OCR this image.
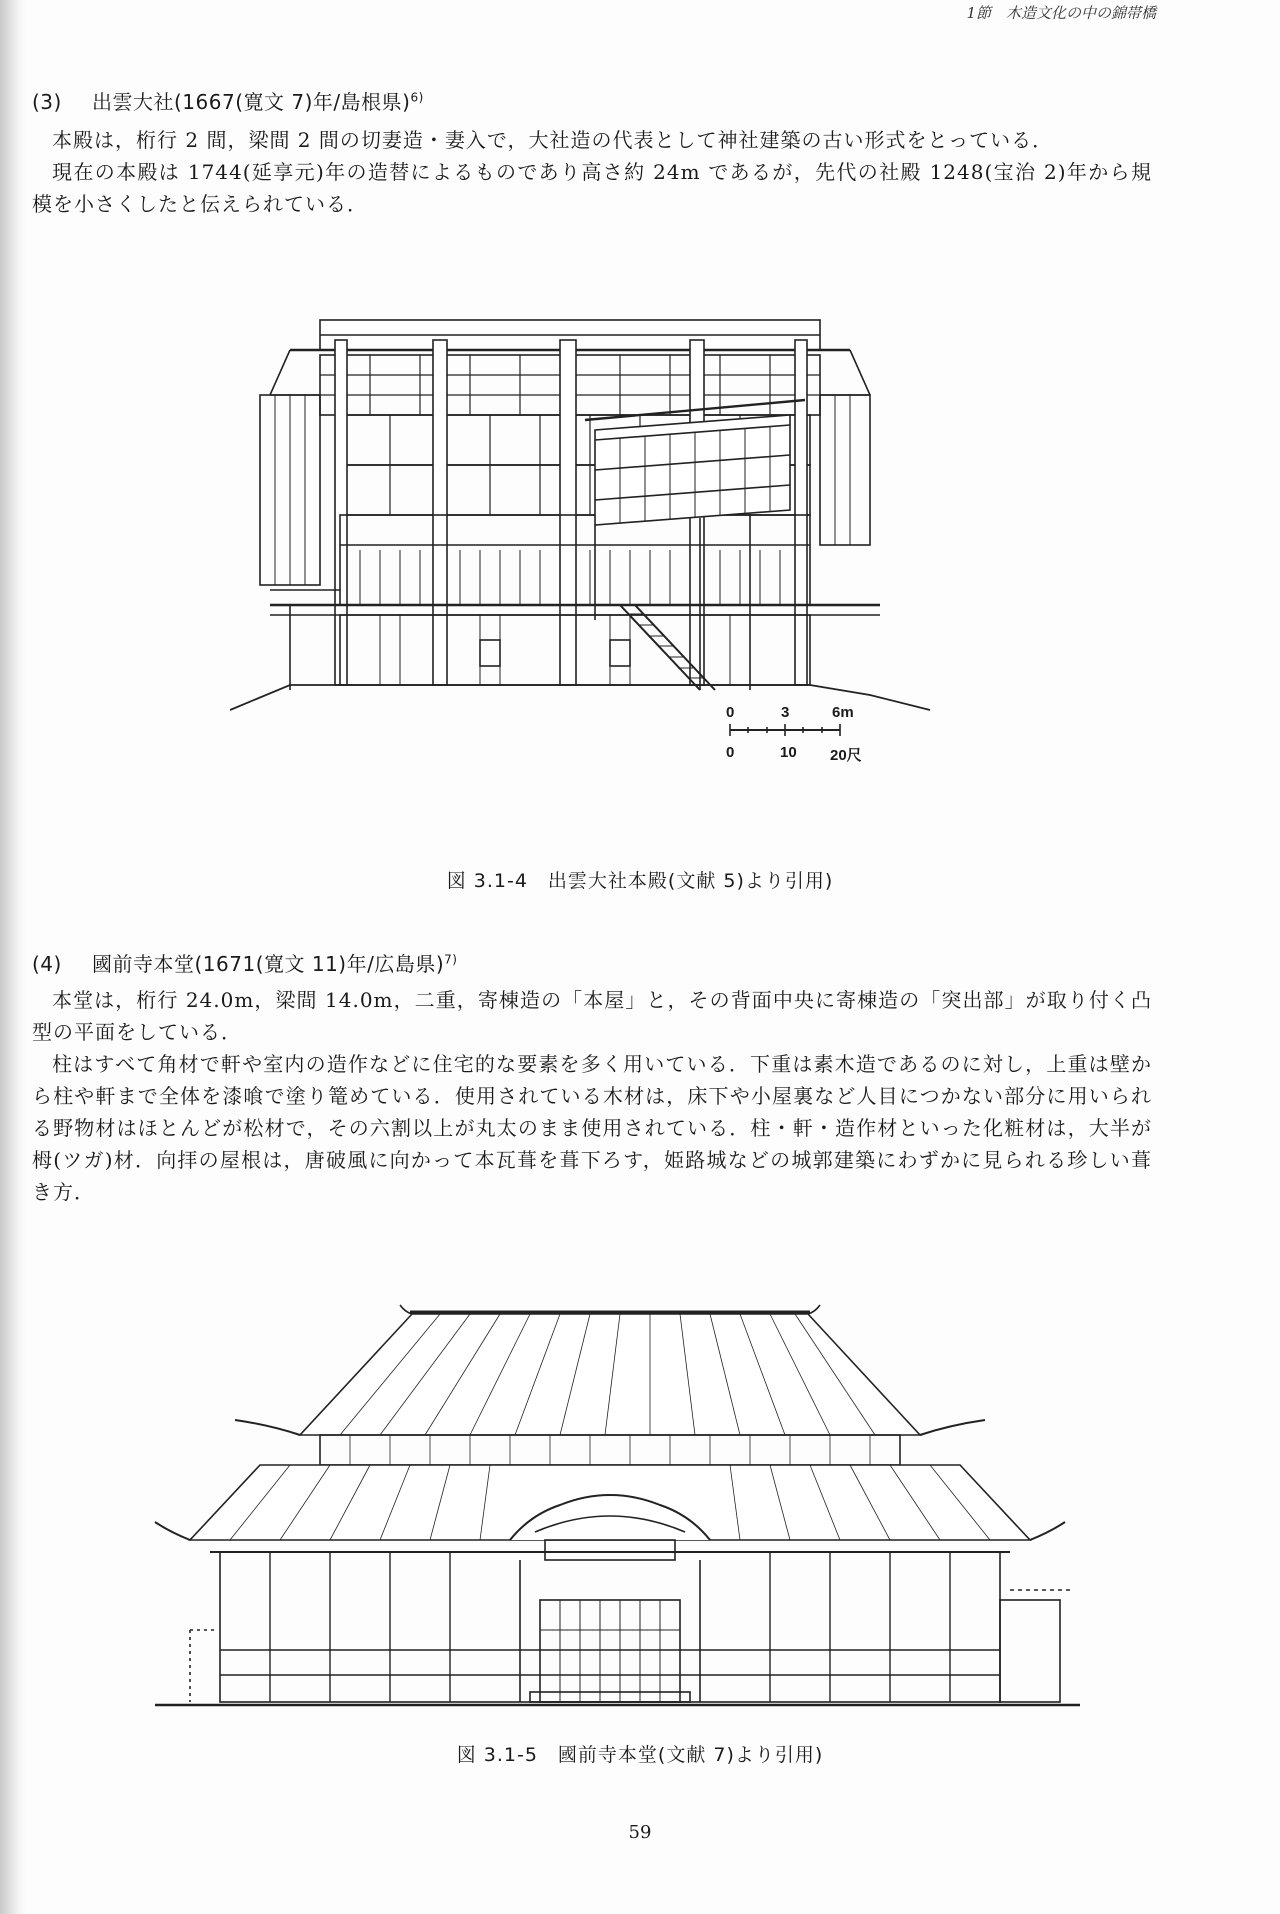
1節　木造文化の中の錦帯橋
(3) 出雲大社(1667(寛文 7)年/島根県)$^{6)}$

本殿は，桁行 2 間，梁間 2 間の切妻造・妻入で，大社造の代表として神社建築の古い形式をとっている．

現在の本殿は 1744(延享元)年の造替によるものであり高さ約 24m であるが，先代の社殿 1248(宝治 2)年から規模を小さくしたと伝えられている．

0	3	6m
0	10 20尺
図 3.1-4　出雲大社本殿(文献 5)より引用)
(4) 國前寺本堂(1671(寛文 11)年/広島県)$^{7)}$

本堂は，桁行 24.0m，梁間 14.0m，二重，寄棟造の「本屋」と，その背面中央に寄棟造の「突出部」が取り付く凸型の平面をしている．

柱はすべて角材で軒や室内の造作などに住宅的な要素を多く用いている．下重は素木造であるのに対し，上重は壁から柱や軒まで全体を漆喰で塗り篭めている．使用されている木材は，床下や小屋裏など人目につかない部分に用いられる野物材はほとんどが松材で，その六割以上が丸太のまま使用されている．柱・軒・造作材といった化粧材は，大半が栂(ツガ)材．向拝の屋根は，唐破風に向かって本瓦葺を葺下ろす，姫路城などの城郭建築にわずかに見られる珍しい葺き方．

図 3.1-5　國前寺本堂(文献 7)より引用)
59
